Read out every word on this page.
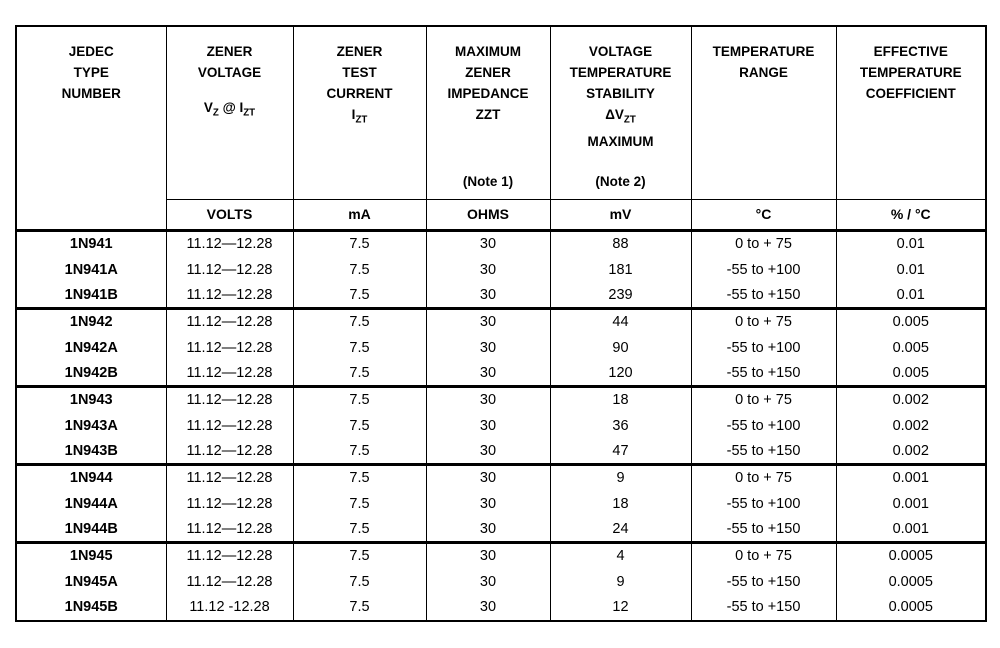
JEDEC
TYPE
NUMBER

ZENER
VOLTAGE
$V_Z$ @ $I_{ZT}$

ZENER
TEST
CURRENT
$I_{ZT}$

MAXIMUM
ZENER
IMPEDANCE
ZZT
(Note 1)

VOLTAGE
TEMPERATURE
STABILITY
$\Delta V_{ZT}$
MAXIMUM
(Note 2)

TEMPERATURE
RANGE

EFFECTIVE
TEMPERATURE
COEFFICIENT

	VOLTS	mA	OHMS	mV	°C	% / °C
1N941	11.12—12.28	7.5	30	88	0 to + 75	0.01
1N941A	11.12—12.28	7.5	30	181	-55 to +100	0.01
1N941B	11.12—12.28	7.5	30	239	-55 to +150	0.01
1N942	11.12—12.28	7.5	30	44	0 to + 75	0.005
1N942A	11.12—12.28	7.5	30	90	-55 to +100	0.005
1N942B	11.12—12.28	7.5	30	120	-55 to +150	0.005
1N943	11.12—12.28	7.5	30	18	0 to + 75	0.002
1N943A	11.12—12.28	7.5	30	36	-55 to +100	0.002
1N943B	11.12—12.28	7.5	30	47	-55 to +150	0.002
1N944	11.12—12.28	7.5	30	9	0 to + 75	0.001
1N944A	11.12—12.28	7.5	30	18	-55 to +100	0.001
1N944B	11.12—12.28	7.5	30	24	-55 to +150	0.001
1N945	11.12—12.28	7.5	30	4	0 to + 75	0.0005
1N945A	11.12—12.28	7.5	30	9	-55 to +150	0.0005
1N945B	11.12 -12.28	7.5	30	12	-55 to +150	0.0005
